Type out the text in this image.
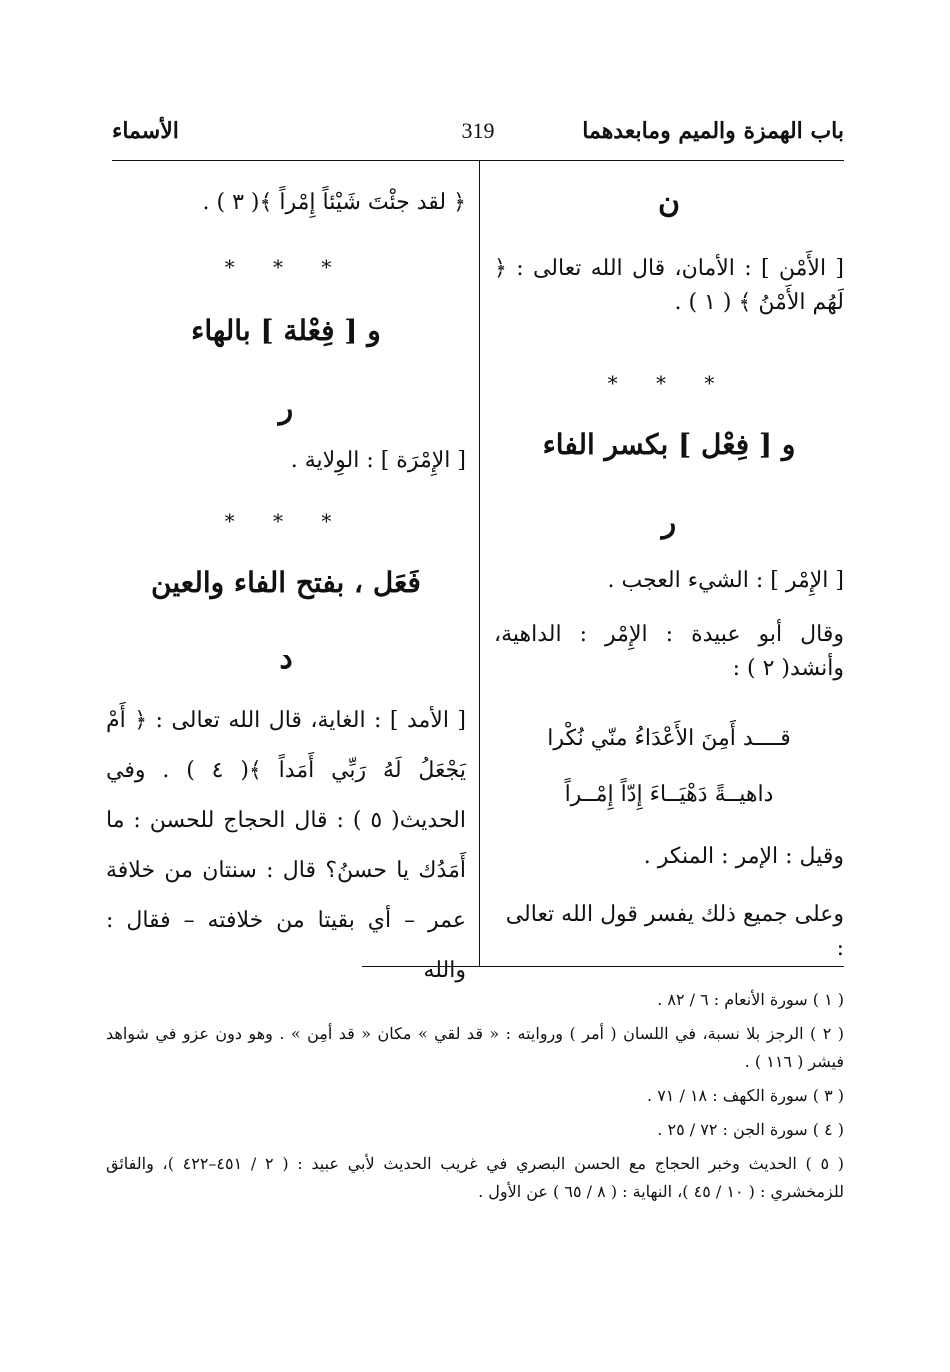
باب الهمزة والميم ومابعدهما
319
الأسماء
ن
[ الأَمْن ] : الأمان، قال الله تعالى : ﴿ لَهُم الأَمْنُ ﴾ ( ١ ) .
* * *
و [ فِعْل ] بكسر الفاء
ر
[ الإِمْر ] : الشيء العجب .
وقال أبو عبيدة : الإِمْر : الداهية، وأنشد( ٢ ) :
قــــد أَمِنَ الأَعْدَاءُ منّي نُكْرا
داهيــةً دَهْيَــاءَ إِدّاً إِمْــراً
وقيل : الإمر : المنكر .
وعلى جميع ذلك يفسر قول الله تعالى :
﴿ لقد جئْتَ شَيْئاً إِمْراً ﴾( ٣ ) .
* * *
و [ فِعْلة ] بالهاء
ر
[ الإِمْرَة ] : الوِلاية .
* * *
فَعَل ، بفتح الفاء والعين
د
[ الأمد ] : الغاية، قال الله تعالى : ﴿ أَمْ يَجْعَلُ لَهُ رَبِّي أَمَداً ﴾( ٤ ) . وفي الحديث( ٥ ) : قال الحجاج للحسن : ما أَمَدُك يا حسنُ؟ قال : سنتان من خلافة عمر – أي بقيتا من خلافته – فقال : والله

( ١ ) سورة الأنعام : ٦ / ٨٢ .

( ٢ ) الرجز بلا نسبة، في اللسان ( أمر ) وروايته : « قد لقي » مكان « قد أمِن » . وهو دون عزو في شواهد فيشر ( ١١٦ ) .

( ٣ ) سورة الكهف : ١٨ / ٧١ .

( ٤ ) سورة الجن : ٧٢ / ٢٥ .

( ٥ ) الحديث وخبر الحجاج مع الحسن البصري في غريب الحديث لأبي عبيد : ( ٢ / ٤٥١–٤٢٢ )، والفائق للزمخشري : ( ١٠ / ٤٥ )، النهاية : ( ٨ / ٦٥ ) عن الأول .
